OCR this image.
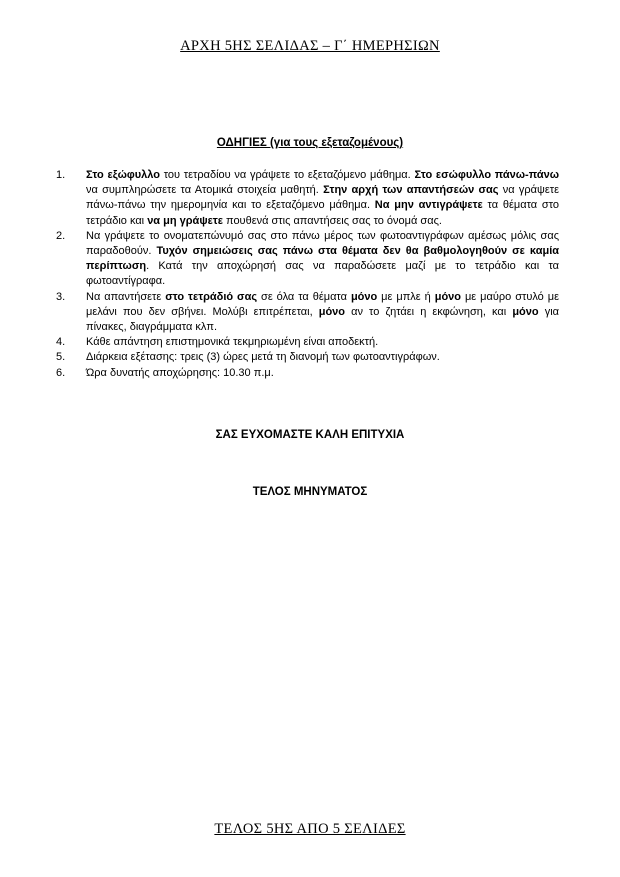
ΑΡΧΗ 5ΗΣ ΣΕΛΙΔΑΣ – Γ΄ ΗΜΕΡΗΣΙΩΝ
ΟΔΗΓΙΕΣ (για τους εξεταζομένους)
1. Στο εξώφυλλο του τετραδίου να γράψετε το εξεταζόμενο μάθημα. Στο εσώφυλλο πάνω-πάνω να συμπληρώσετε τα Ατομικά στοιχεία μαθητή. Στην αρχή των απαντήσεών σας να γράψετε πάνω-πάνω την ημερομηνία και το εξεταζόμενο μάθημα. Να μην αντιγράψετε τα θέματα στο τετράδιο και να μη γράψετε πουθενά στις απαντήσεις σας το όνομά σας.
2. Να γράψετε το ονοματεπώνυμό σας στο πάνω μέρος των φωτοαντιγράφων αμέσως μόλις σας παραδοθούν. Τυχόν σημειώσεις σας πάνω στα θέματα δεν θα βαθμολογηθούν σε καμία περίπτωση. Κατά την αποχώρησή σας να παραδώσετε μαζί με το τετράδιο και τα φωτοαντίγραφα.
3. Να απαντήσετε στο τετράδιό σας σε όλα τα θέματα μόνο με μπλε ή μόνο με μαύρο στυλό με μελάνι που δεν σβήνει. Μολύβι επιτρέπεται, μόνο αν το ζητάει η εκφώνηση, και μόνο για πίνακες, διαγράμματα κλπ.
4. Κάθε απάντηση επιστημονικά τεκμηριωμένη είναι αποδεκτή.
5. Διάρκεια εξέτασης: τρεις (3) ώρες μετά τη διανομή των φωτοαντιγράφων.
6. Ώρα δυνατής αποχώρησης: 10.30 π.μ.
ΣΑΣ ΕΥΧΟΜΑΣΤΕ ΚΑΛΗ ΕΠΙΤΥΧΙΑ
ΤΕΛΟΣ ΜΗΝΥΜΑΤΟΣ
ΤΕΛΟΣ 5ΗΣ ΑΠΟ 5 ΣΕΛΙΔΕΣ
